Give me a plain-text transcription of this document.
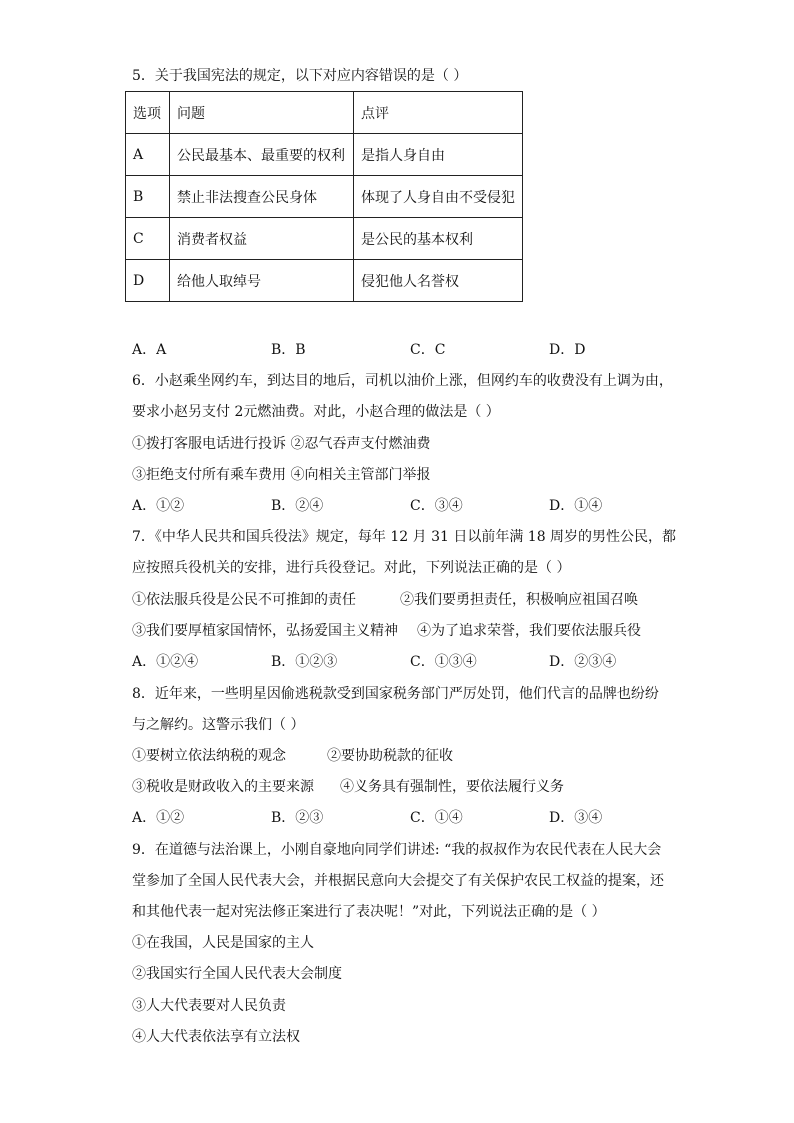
5．关于我国宪法的规定，以下对应内容错误的是（ ）
选项	问题	点评
A	公民最基本、最重要的权利	是指人身自由
B	禁止非法搜查公民身体	体现了人身自由不受侵犯
C	消费者权益	是公民的基本权利
D	给他人取绰号	侵犯他人名誉权
A．A	B．B	C．C	D．D
6．小赵乘坐网约车，到达目的地后，司机以油价上涨，但网约车的收费没有上调为由，
要求小赵另支付 2元燃油费。对此，小赵合理的做法是（ ）
①拨打客服电话进行投诉 ②忍气吞声支付燃油费
③拒绝支付所有乘车费用 ④向相关主管部门举报
A．①②	B．②④	C．③④	D．①④
7．《中华人民共和国兵役法》规定，每年 12 月 31 日以前年满 18 周岁的男性公民，都
应按照兵役机关的安排，进行兵役登记。对此，下列说法正确的是（ ）
①依法服兵役是公民不可推卸的责任	②我们要勇担责任，积极响应祖国召唤
③我们要厚植家国情怀，弘扬爱国主义精神 ④为了追求荣誉，我们要依法服兵役
A．①②④	B．①②③	C．①③④	D．②③④
8．近年来，一些明星因偷逃税款受到国家税务部门严厉处罚，他们代言的品牌也纷纷
与之解约。这警示我们（ ）
①要树立依法纳税的观念	②要协助税款的征收
③税收是财政收入的主要来源 ④义务具有强制性，要依法履行义务
A．①②	B．②③	C．①④	D．③④
9．在道德与法治课上，小刚自豪地向同学们讲述: “我的叔叔作为农民代表在人民大会
堂参加了全国人民代表大会，并根据民意向大会提交了有关保护农民工权益的提案，还
和其他代表一起对宪法修正案进行了表决呢！”对此，下列说法正确的是（ ）
①在我国，人民是国家的主人
②我国实行全国人民代表大会制度
③人大代表要对人民负责
④人大代表依法享有立法权
